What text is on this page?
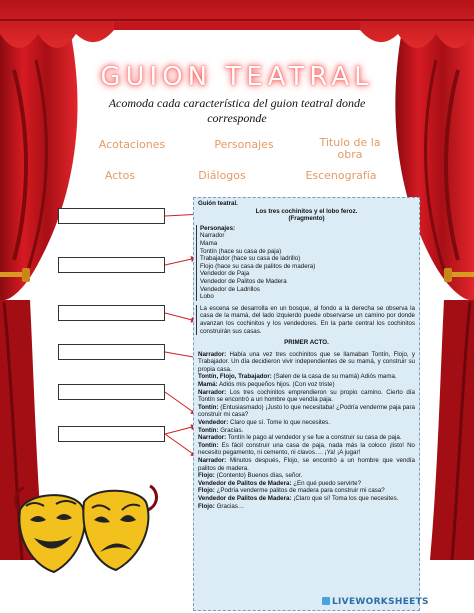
GUION TEATRAL
Acomoda cada característica del guion teatral donde corresponde
Acotaciones	Personajes	Titulo de la obra
Actos	Diálogos	Escenografía

Guión teatral.

Los tres cochinitos y el lobo feroz.

(Fragmento)

Personajes:

Narrador

Mama

Tontín (hace su casa de paja)

Trabajador (hace su casa de ladrillo)

Flojo (hace su casa de palitos de madera)

Vendedor de Paja

Vendedor de Palitos de Madera

Vendedor de Ladrillos

Lobo

La escena se desarrolla en un bosque, al fondo a la derecha se observa la casa de la mamá, del lado izquierdo puede observarse un camino por donde avanzan los cochinitos y los vendedores. En la parte central los cochinitos construirán sus casas.

PRIMER ACTO.

Narrador: Había una vez tres cochinitos que se llamaban Tontín, Flojo, y Trabajador. Un día decidieron vivir independientes de su mamá, y construir su propia casa.

Tontín, Flojo, Trabajador: (Salen de la casa de su mamá) Adiós mama.

Mamá: Adiós mis pequeños hijos. (Con voz triste)

Narrador: Los tres cochinitos emprendieron su propio camino. Cierto día Tontín se encontró a un hombre que vendía paja.

Tontín: (Entusiasmado) ¡Justo lo que necesitaba! ¿Podría venderme paja para construir mi casa?

Vendedor: Claro que sí. Tome lo que necesites.

Tontín: Gracias.

Narrador: Tontín le pago al vendedor y se fue a construir su casa de paja.

Tontín: Es fácil construir una casa de paja, nada más la coloco ¡listo! No necesito pegamento, ni cemento, ni clavos…. ¡Ya! ¡A jugar!

Narrador: Minutos después, Flojo, se encontró a un hombre que vendía palitos de madera.

Flojo: (Contento) Buenos días, señor.

Vendedor de Palitos de Madera: ¿En qué puedo servirte?

Flojo: ¿Podría venderme palitos de madera para construir mi casa?

Vendedor de Palitos de Madera: ¡Claro que sí! Toma los que necesites.

Flojo: Gracias…

LIVEWORKSHEETS
